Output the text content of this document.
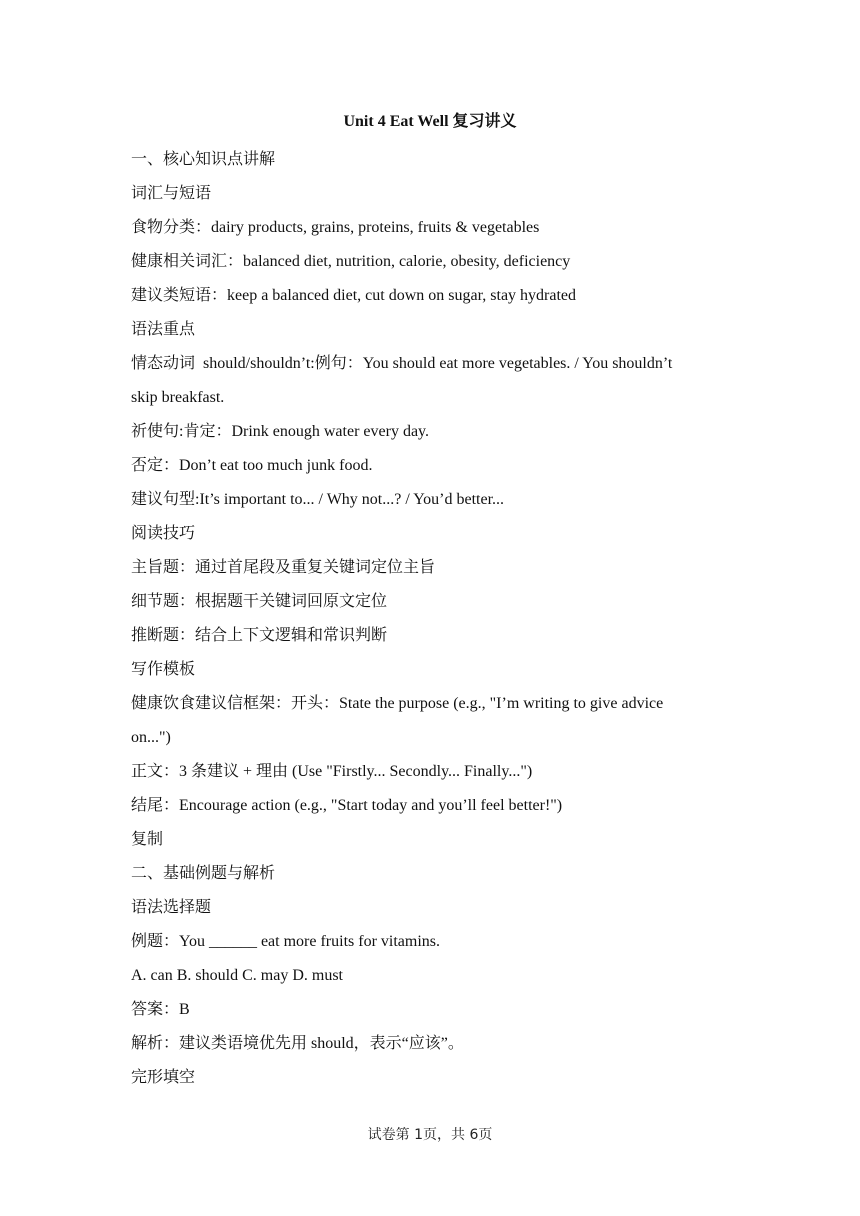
Unit 4 Eat Well 复习讲义

一、核心知识点讲解

词汇与短语

食物分类：dairy products, grains, proteins, fruits & vegetables

健康相关词汇：balanced diet, nutrition, calorie, obesity, deficiency

建议类短语：keep a balanced diet, cut down on sugar, stay hydrated

语法重点

情态动词  should/shouldn’t:例句：You should eat more vegetables. / You shouldn’t

skip breakfast.

祈使句:肯定：Drink enough water every day.

否定：Don’t eat too much junk food.

建议句型:It’s important to... / Why not...? / You’d better...

阅读技巧

主旨题：通过首尾段及重复关键词定位主旨

细节题：根据题干关键词回原文定位

推断题：结合上下文逻辑和常识判断

写作模板

健康饮食建议信框架：开头：State the purpose (e.g., "I’m writing to give advice

on...")

正文：3 条建议 + 理由 (Use "Firstly... Secondly... Finally...")

结尾：Encourage action (e.g., "Start today and you’ll feel better!")

复制

二、基础例题与解析

语法选择题

例题：You ______ eat more fruits for vitamins.

A. can B. should C. may D. must

答案：B

解析：建议类语境优先用 should，表示“应该”。

完形填空

试卷第 1页，共 6页
